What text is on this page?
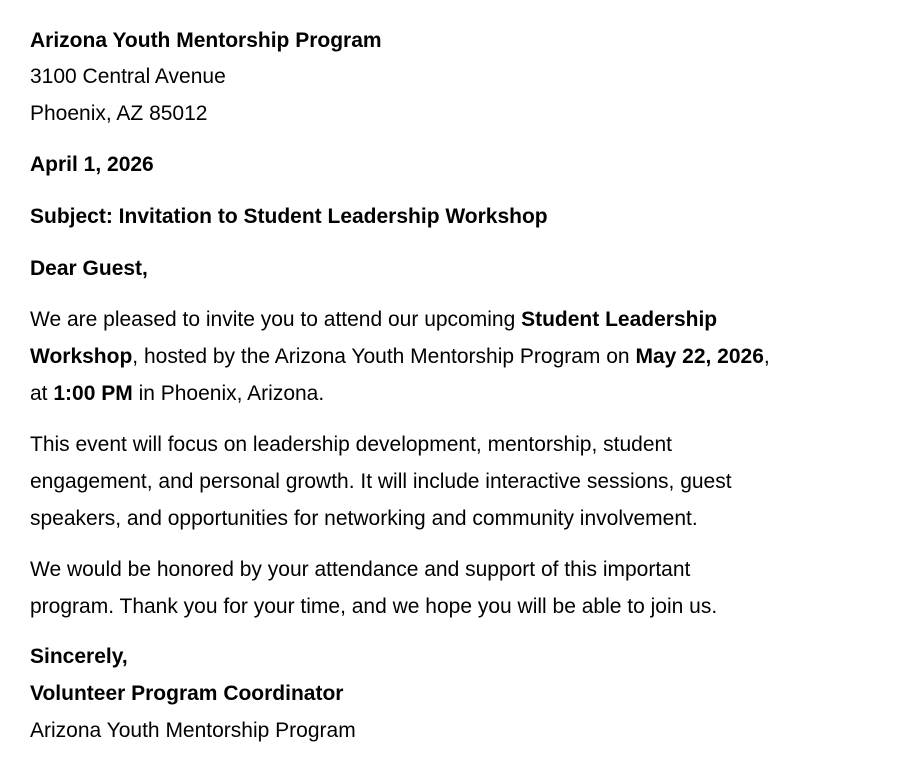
Arizona Youth Mentorship Program
3100 Central Avenue
Phoenix, AZ 85012
April 1, 2026
Subject: Invitation to Student Leadership Workshop
Dear Guest,
We are pleased to invite you to attend our upcoming Student Leadership
Workshop, hosted by the Arizona Youth Mentorship Program on May 22, 2026,
at 1:00 PM in Phoenix, Arizona.
This event will focus on leadership development, mentorship, student
engagement, and personal growth. It will include interactive sessions, guest
speakers, and opportunities for networking and community involvement.
We would be honored by your attendance and support of this important
program. Thank you for your time, and we hope you will be able to join us.
Sincerely,
Volunteer Program Coordinator
Arizona Youth Mentorship Program
